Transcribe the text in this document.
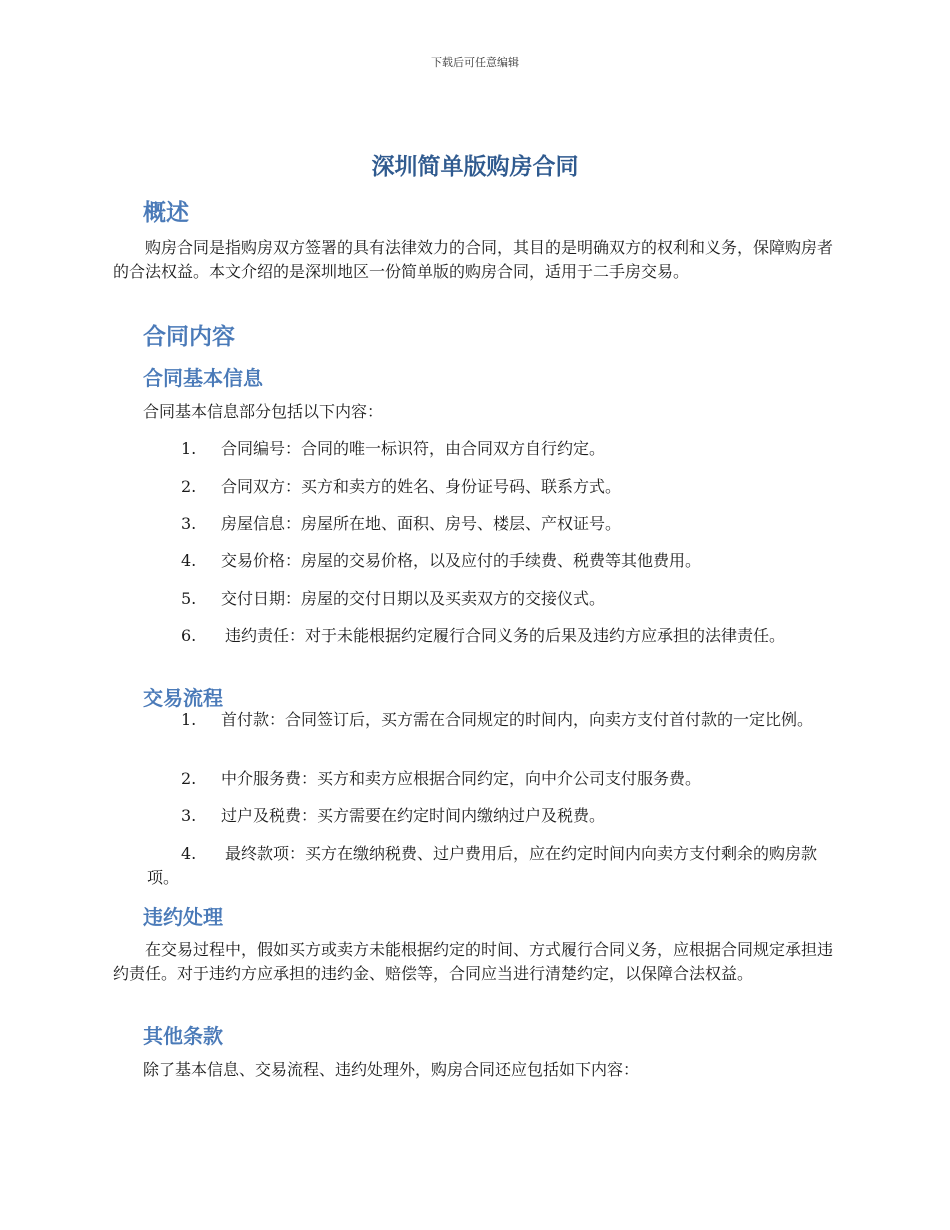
下载后可任意编辑
深圳简单版购房合同
概述

购房合同是指购房双方签署的具有法律效力的合同，其目的是明确双方的权利和义务，保障购房者的合法权益。本文介绍的是深圳地区一份简单版的购房合同，适用于二手房交易。

合同内容
合同基本信息

合同基本信息部分包括以下内容：

1. 合同编号：合同的唯一标识符，由合同双方自行约定。
2. 合同双方：买方和卖方的姓名、身份证号码、联系方式。
3. 房屋信息：房屋所在地、面积、房号、楼层、产权证号。
4. 交易价格：房屋的交易价格，以及应付的手续费、税费等其他费用。
5. 交付日期：房屋的交付日期以及买卖双方的交接仪式。
6. 违约责任：对于未能根据约定履行合同义务的后果及违约方应承担的法律责任。
交易流程
1. 首付款：合同签订后，买方需在合同规定的时间内，向卖方支付首付款的一定比例。
2. 中介服务费：买方和卖方应根据合同约定，向中介公司支付服务费。
3. 过户及税费：买方需要在约定时间内缴纳过户及税费。
4. 最终款项：买方在缴纳税费、过户费用后，应在约定时间内向卖方支付剩余的购房款项。
违约处理

在交易过程中，假如买方或卖方未能根据约定的时间、方式履行合同义务，应根据合同规定承担违约责任。对于违约方应承担的违约金、赔偿等，合同应当进行清楚约定，以保障合法权益。

其他条款

除了基本信息、交易流程、违约处理外，购房合同还应包括如下内容：
